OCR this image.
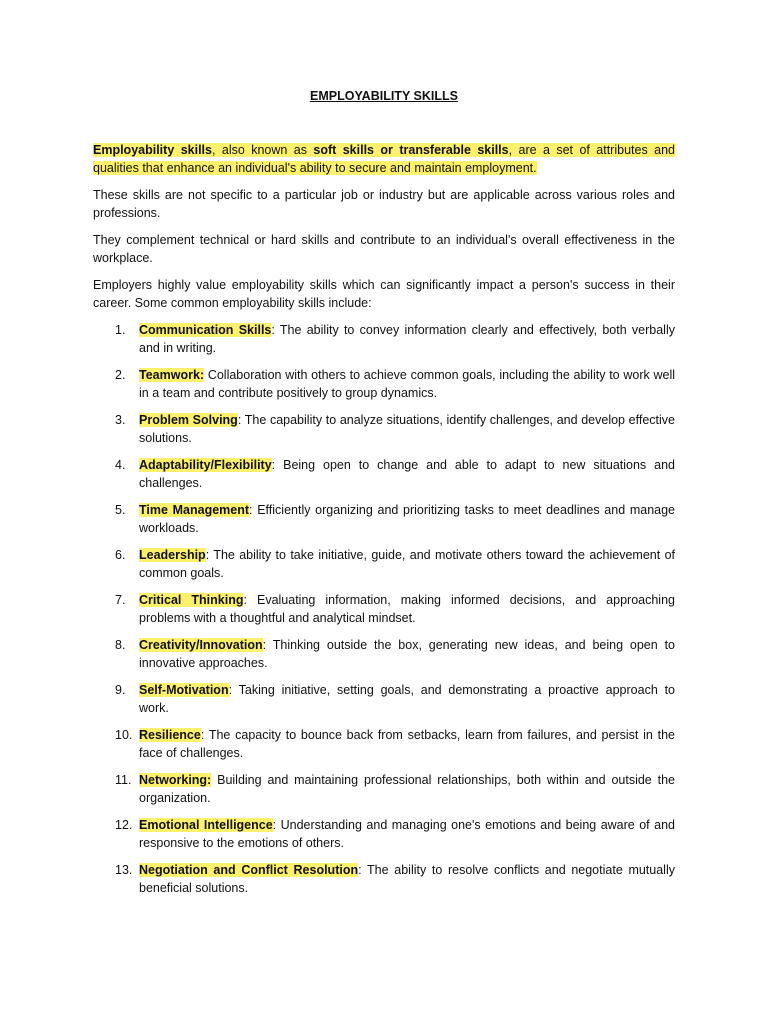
EMPLOYABILITY SKILLS

Employability skills, also known as soft skills or transferable skills, are a set of attributes and qualities that enhance an individual's ability to secure and maintain employment.

These skills are not specific to a particular job or industry but are applicable across various roles and professions.

They complement technical or hard skills and contribute to an individual's overall effectiveness in the workplace.

Employers highly value employability skills which can significantly impact a person's success in their career. Some common employability skills include:

1.	Communication Skills: The ability to convey information clearly and effectively, both verbally and in writing.
2.	Teamwork: Collaboration with others to achieve common goals, including the ability to work well in a team and contribute positively to group dynamics.
3.	Problem Solving: The capability to analyze situations, identify challenges, and develop effective solutions.
4.	Adaptability/Flexibility: Being open to change and able to adapt to new situations and challenges.
5.	Time Management: Efficiently organizing and prioritizing tasks to meet deadlines and manage workloads.
6.	Leadership: The ability to take initiative, guide, and motivate others toward the achievement of common goals.
7.	Critical Thinking: Evaluating information, making informed decisions, and approaching problems with a thoughtful and analytical mindset.
8.	Creativity/Innovation: Thinking outside the box, generating new ideas, and being open to innovative approaches.
9.	Self-Motivation: Taking initiative, setting goals, and demonstrating a proactive approach to work.
10. Resilience: The capacity to bounce back from setbacks, learn from failures, and persist in the face of challenges.
11. Networking: Building and maintaining professional relationships, both within and outside the organization.
12. Emotional Intelligence: Understanding and managing one's emotions and being aware of and responsive to the emotions of others.
13. Negotiation and Conflict Resolution: The ability to resolve conflicts and negotiate mutually beneficial solutions.
